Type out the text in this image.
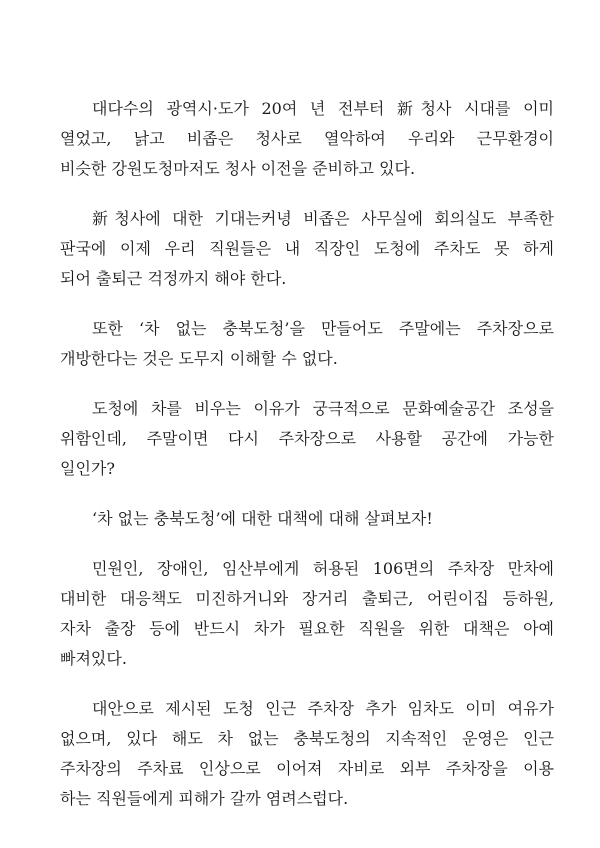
대다수의 광역시·도가 20여 년 전부터 新청사 시대를 이미
열었고, 낡고 비좁은 청사로 열악하여 우리와 근무환경이
비슷한 강원도청마저도 청사 이전을 준비하고 있다.

新청사에 대한 기대는커녕 비좁은 사무실에 회의실도 부족한
판국에 이제 우리 직원들은 내 직장인 도청에 주차도 못 하게
되어 출퇴근 걱정까지 해야 한다.

또한 ‘차 없는 충북도청’을 만들어도 주말에는 주차장으로
개방한다는 것은 도무지 이해할 수 없다.

도청에 차를 비우는 이유가 궁극적으로 문화예술공간 조성을
위함인데, 주말이면 다시 주차장으로 사용할 공간에 가능한
일인가?

‘차 없는 충북도청’에 대한 대책에 대해 살펴보자!

민원인, 장애인, 임산부에게 허용된 106면의 주차장 만차에
대비한 대응책도 미진하거니와 장거리 출퇴근, 어린이집 등하원,
자차 출장 등에 반드시 차가 필요한 직원을 위한 대책은 아예
빠져있다.

대안으로 제시된 도청 인근 주차장 추가 임차도 이미 여유가
없으며, 있다 해도 차 없는 충북도청의 지속적인 운영은 인근
주차장의 주차료 인상으로 이어져 자비로 외부 주차장을 이용
하는 직원들에게 피해가 갈까 염려스럽다.
